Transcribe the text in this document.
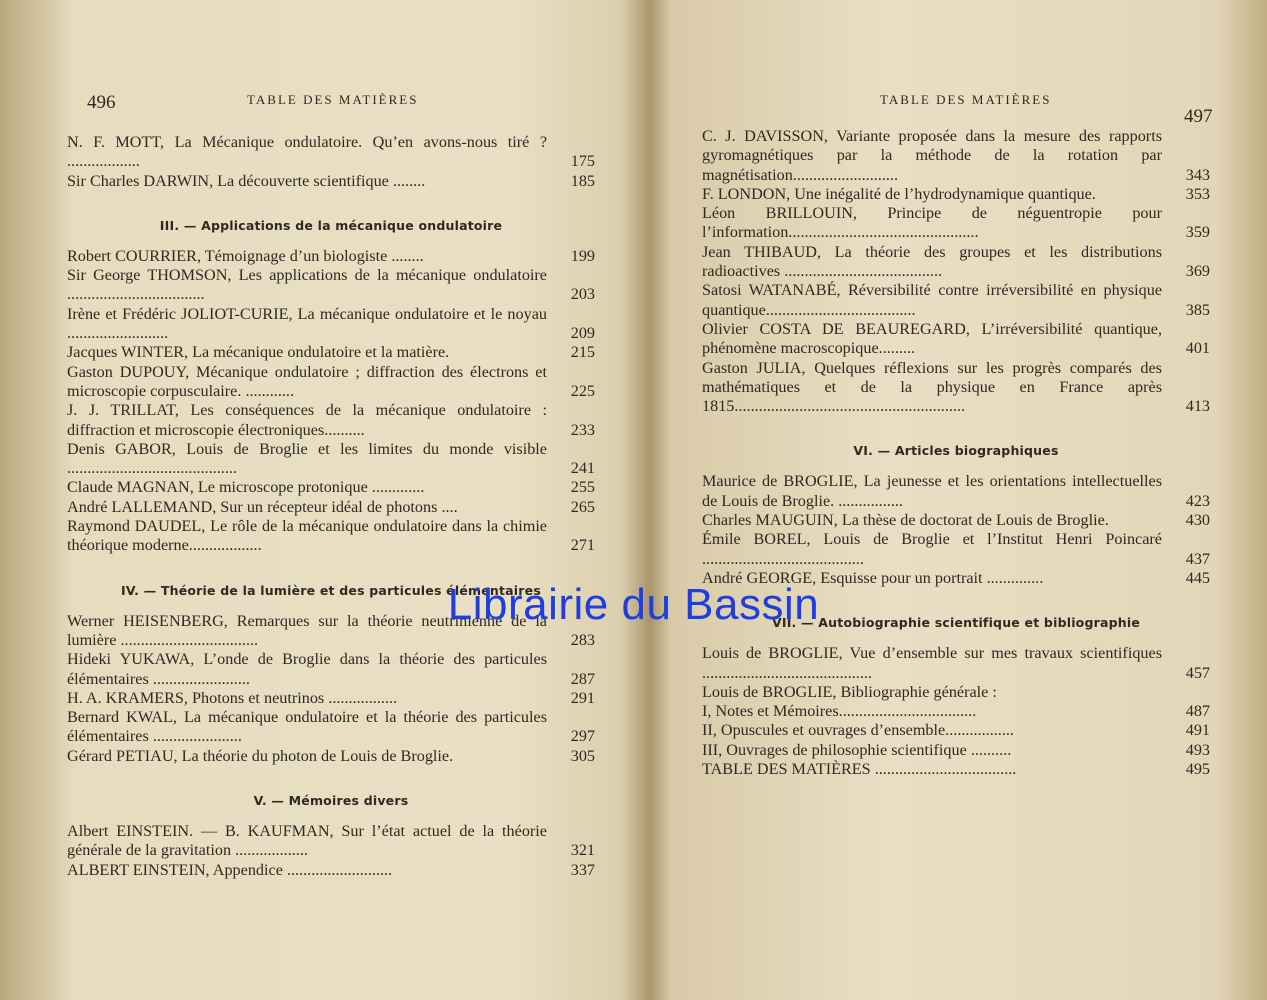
496	TABLE DES MATIÈRES
N. F. MOTT, La Mécanique ondulatoire. Qu’en avons-nous tiré ? ..................	175
Sir Charles DARWIN, La découverte scientifique ........	185
III. — Applications de la mécanique ondulatoire
Robert COURRIER, Témoignage d’un biologiste ........	199
Sir George THOMSON, Les applications de la mécanique ondulatoire ..................................	203
Irène et Frédéric JOLIOT-CURIE, La mécanique ondulatoire et le noyau .........................	209
Jacques WINTER, La mécanique ondulatoire et la matière.	215
Gaston DUPOUY, Mécanique ondulatoire ; diffraction des électrons et microscopie corpusculaire. ............	225
J. J. TRILLAT, Les conséquences de la mécanique ondulatoire : diffraction et microscopie électroniques..........	233
Denis GABOR, Louis de Broglie et les limites du monde visible ..........................................	241
Claude MAGNAN, Le microscope protonique .............	255
André LALLEMAND, Sur un récepteur idéal de photons ....	265
Raymond DAUDEL, Le rôle de la mécanique ondulatoire dans la chimie théorique moderne..................	271
IV. — Théorie de la lumière et des particules élémentaires
Werner HEISENBERG, Remarques sur la théorie neutrinienne de la lumière ..................................	283
Hideki YUKAWA, L’onde de Broglie dans la théorie des particules élémentaires ........................	287
H. A. KRAMERS, Photons et neutrinos .................	291
Bernard KWAL, La mécanique ondulatoire et la théorie des particules élémentaires ......................	297
Gérard PETIAU, La théorie du photon de Louis de Broglie.	305
V. — Mémoires divers
Albert EINSTEIN. — B. KAUFMAN, Sur l’état actuel de la théorie générale de la gravitation ..................	321
ALBERT EINSTEIN, Appendice ..........................	337
TABLE DES MATIÈRES
497
C. J. DAVISSON, Variante proposée dans la mesure des rapports gyromagnétiques par la méthode de la rotation par magnétisation..........................	343
F. LONDON, Une inégalité de l’hydrodynamique quantique.	353
Léon BRILLOUIN, Principe de néguentropie pour l’information...............................................	359
Jean THIBAUD, La théorie des groupes et les distributions radioactives .......................................	369
Satosi WATANABÉ, Réversibilité contre irréversibilité en physique quantique.....................................	385
Olivier COSTA DE BEAUREGARD, L’irréversibilité quantique, phénomène macroscopique.........	401
Gaston JULIA, Quelques réflexions sur les progrès comparés des mathématiques et de la physique en France après 1815.........................................................	413
VI. — Articles biographiques
Maurice de BROGLIE, La jeunesse et les orientations intellectuelles de Louis de Broglie. ................	423
Charles MAUGUIN, La thèse de doctorat de Louis de Broglie.	430
Émile BOREL, Louis de Broglie et l’Institut Henri Poincaré ........................................	437
André GEORGE, Esquisse pour un portrait ..............	445
VII. — Autobiographie scientifique et bibliographie
Louis de BROGLIE, Vue d’ensemble sur mes travaux scientifiques ..........................................	457
Louis de BROGLIE, Bibliographie générale :
I, Notes et Mémoires..................................	487
II, Opuscules et ouvrages d’ensemble.................	491
III, Ouvrages de philosophie scientifique ..........	493
TABLE DES MATIÈRES ...................................	495
Librairie du Bassin
